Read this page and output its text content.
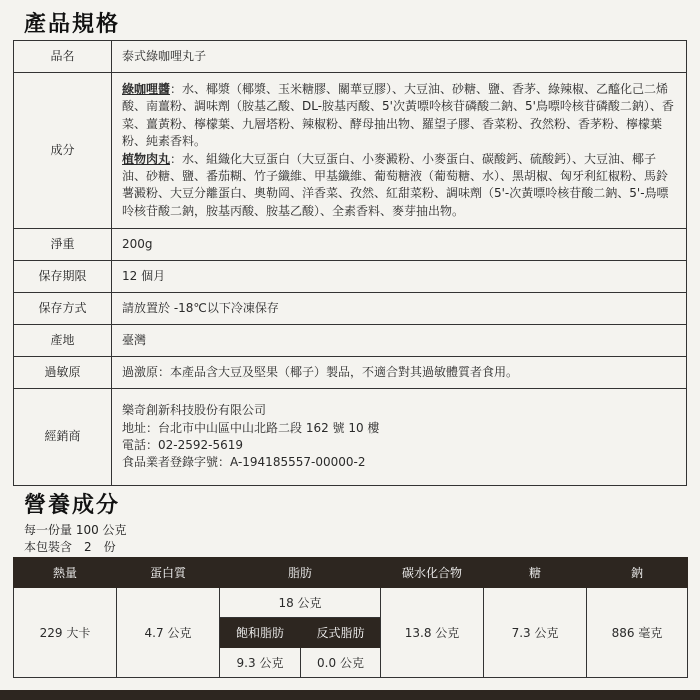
產品規格
品名	泰式綠咖哩丸子
成分	綠咖哩醬：水、椰漿（椰漿、玉米糖膠、關華豆膠）、大豆油、砂糖、鹽、香茅、綠辣椒、乙醯化己二烯酸、南薑粉、調味劑（胺基乙酸、DL-胺基丙酸、5'次黃嘌呤核苷磷酸二鈉、5'鳥嘌呤核苷磷酸二鈉）、香菜、薑黃粉、檸檬葉、九層塔粉、辣椒粉、酵母抽出物、羅望子膠、香菜粉、孜然粉、香茅粉、檸檬葉粉、純素香料。
植物肉丸：水、組織化大豆蛋白（大豆蛋白、小麥澱粉、小麥蛋白、碳酸鈣、硫酸鈣）、大豆油、椰子油、砂糖、鹽、番茄糊、竹子纖維、甲基纖維、葡萄糖液（葡萄糖、水）、黑胡椒、匈牙利紅椒粉、馬鈴薯澱粉、大豆分離蛋白、奧勒岡、洋香菜、孜然、紅甜菜粉、調味劑（5'-次黃嘌呤核苷酸二鈉、5'-鳥嘌呤核苷酸二鈉，胺基丙酸、胺基乙酸）、全素香料、麥芽抽出物。
淨重	200g
保存期限	12 個月
保存方式	請放置於 -18℃以下冷凍保存
產地	臺灣
過敏原	過激原：本產品含大豆及堅果（椰子）製品，不適合對其過敏體質者食用。
經銷商	樂奇創新科技股份有限公司
地址：台北市中山區中山北路二段 162 號 10 樓
電話：02-2592-5619
食品業者登錄字號：A-194185557-00000-2
營養成分
每一份量 100 公克
本包裝含　2　份
熱量	蛋白質	脂肪		碳水化合物	糖	鈉
229 大卡	4.7 公克	18 公克		13.8 公克	7.3 公克	886 毫克
		飽和脂肪	反式脂肪			
		9.3 公克	0.0 公克			
